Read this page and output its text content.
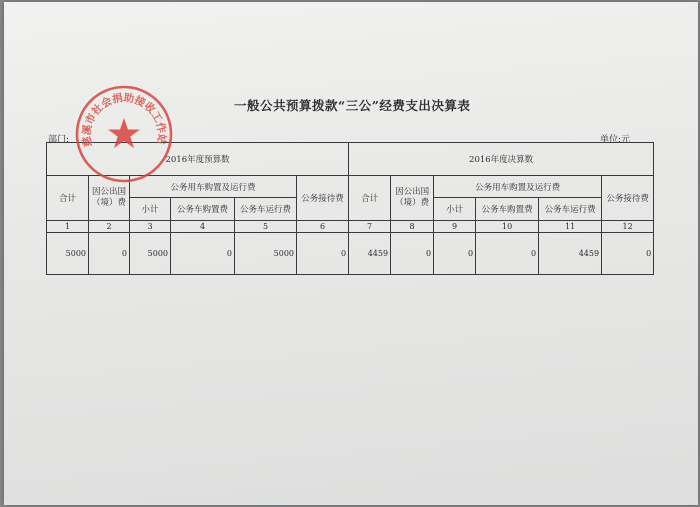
一般公共预算拨款“三公”经费支出决算表
部门:	单位:元
2016年度预算数						2016年度决算数					
合计	因公出国（境）费	公务用车购置及运行费			公务接待费	合计	因公出国（境）费	公务用车购置及运行费			公务接待费
		小计	公务车购置费	公务车运行费				小计	公务车购置费	公务车运行费	
1	2	3	4	5	6	7	8	9	10	11	12
5000	0	5000	0	5000	0	4459	0	0	0	4459	0
慈溪市社会捐助接收工作站
